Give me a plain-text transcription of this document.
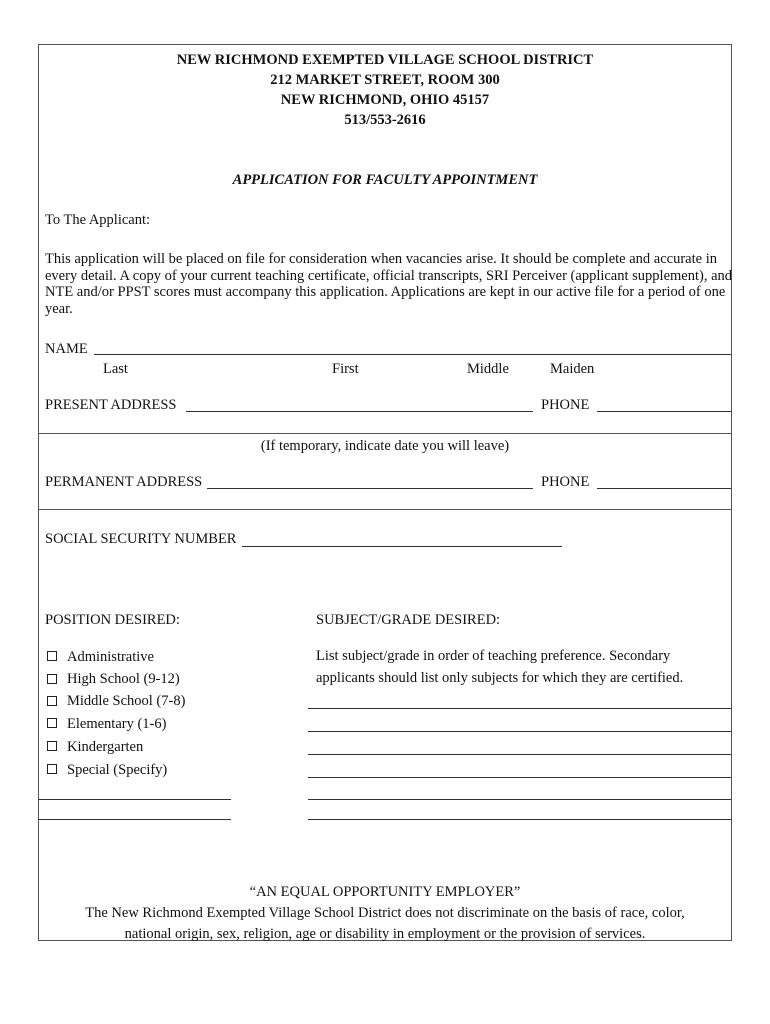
NEW RICHMOND EXEMPTED VILLAGE SCHOOL DISTRICT
212 MARKET STREET, ROOM 300
NEW RICHMOND, OHIO 45157
513/553-2616
APPLICATION FOR FACULTY APPOINTMENT
To The Applicant:
This application will be placed on file for consideration when vacancies arise. It should be complete and accurate in every detail. A copy of your current teaching certificate, official transcripts, SRI Perceiver (applicant supplement), and NTE and/or PPST scores must accompany this application. Applications are kept in our active file for a period of one year.
NAME
Last	First	Middle	Maiden
PRESENT ADDRESS	PHONE
(If temporary, indicate date you will leave)
PERMANENT ADDRESS	PHONE
SOCIAL SECURITY NUMBER
POSITION DESIRED:
Administrative
High School (9-12)
Middle School (7-8)
Elementary (1-6)
Kindergarten
Special (Specify)
SUBJECT/GRADE DESIRED:
List subject/grade in order of teaching preference. Secondary
applicants should list only subjects for which they are certified.
“AN EQUAL OPPORTUNITY EMPLOYER”
The New Richmond Exempted Village School District does not discriminate on the basis of race, color,
national origin, sex, religion, age or disability in employment or the provision of services.
